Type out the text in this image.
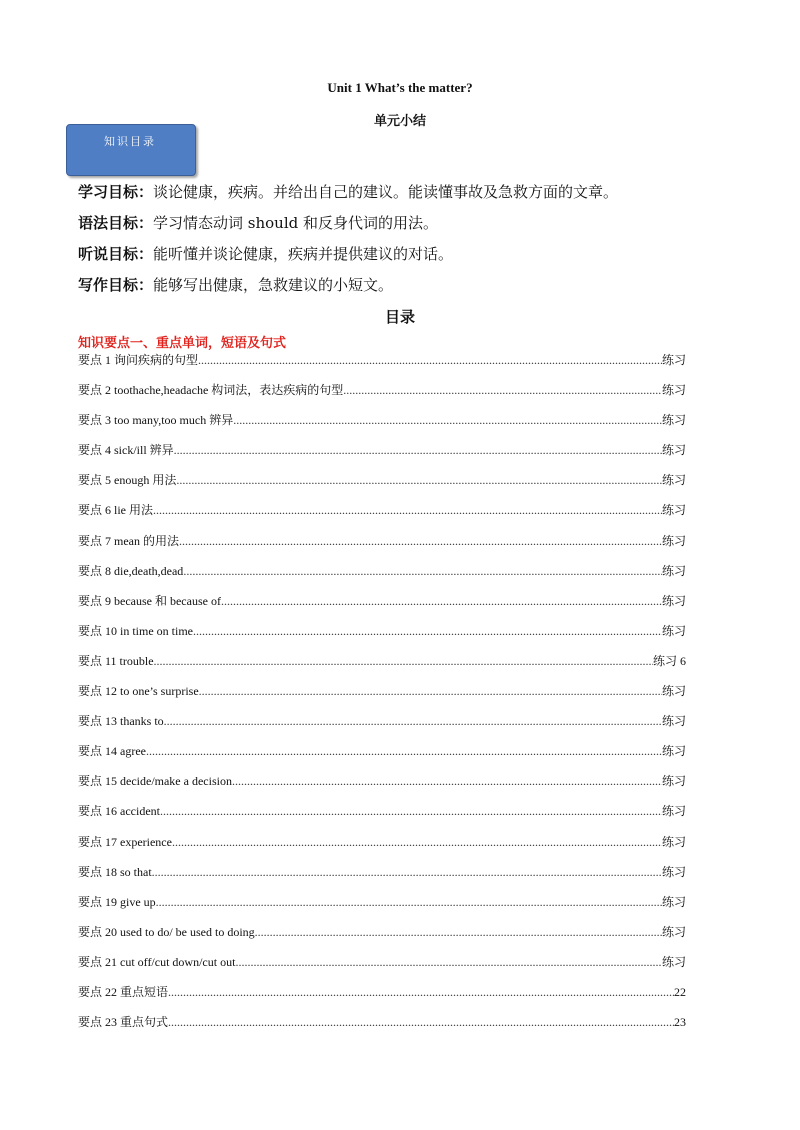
Unit 1 What’s the matter?
单元小结
知识目录
学习目标：谈论健康，疾病。并给出自己的建议。能读懂事故及急救方面的文章。
语法目标：学习情态动词 should 和反身代词的用法。
听说目标：能听懂并谈论健康，疾病并提供建议的对话。
写作目标：能够写出健康，急救建议的小短文。
目录
知识要点一、重点单词，短语及句式
要点 1 询问疾病的句型 .....	练习
要点 2 toothache,headache 构词法，表达疾病的句型 .....	练习
要点 3 too many,too much 辨异 .....	练习
要点 4 sick/ill 辨异 .....	练习
要点 5 enough 用法 .....	练习
要点 6 lie 用法 .....	练习
要点 7 mean 的用法 .....	练习
要点 8 die,death,dead .....	练习
要点 9 because 和 because of .....	练习
要点 10 in time on time .....	练习
要点 11 trouble .....	练习 6
要点 12 to one’s surprise .....	练习
要点 13 thanks to .....	练习
要点 14 agree .....	练习
要点 15 decide/make a decision .....	练习
要点 16 accident .....	练习
要点 17 experience .....	练习
要点 18 so that .....	练习
要点 19 give up .....	练习
要点 20 used to do/ be used to doing .....	练习
要点 21 cut off/cut down/cut out .....	练习
要点 22 重点短语 .....	22
要点 23 重点句式 .....	23
